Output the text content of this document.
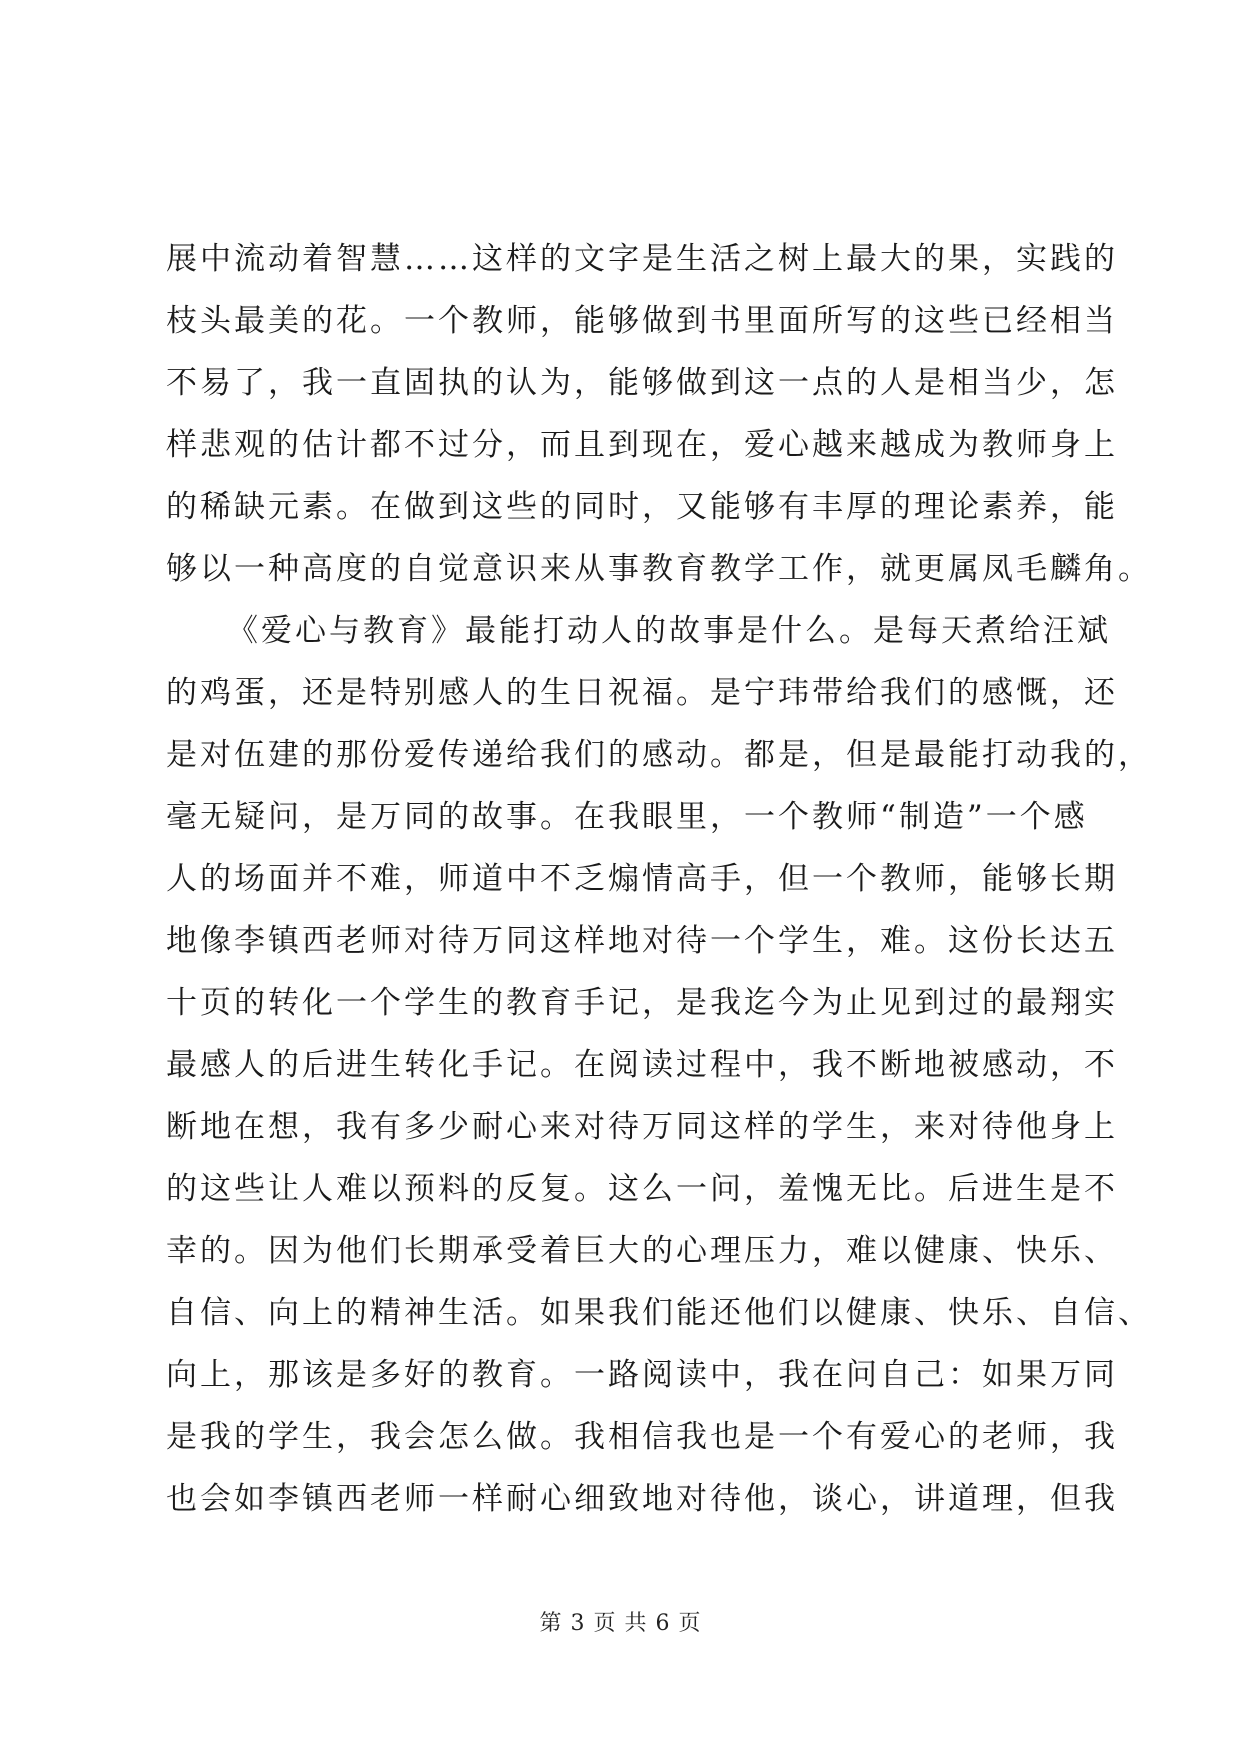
展中流动着智慧……这样的文字是生活之树上最大的果，实践的
枝头最美的花。一个教师，能够做到书里面所写的这些已经相当
不易了，我一直固执的认为，能够做到这一点的人是相当少，怎
样悲观的估计都不过分，而且到现在，爱心越来越成为教师身上
的稀缺元素。在做到这些的同时，又能够有丰厚的理论素养，能
够以一种高度的自觉意识来从事教育教学工作，就更属凤毛麟角。
《爱心与教育》最能打动人的故事是什么。是每天煮给汪斌
的鸡蛋，还是特别感人的生日祝福。是宁玮带给我们的感慨，还
是对伍建的那份爱传递给我们的感动。都是，但是最能打动我的，
毫无疑问，是万同的故事。在我眼里，一个教师“制造”一个感
人的场面并不难，师道中不乏煽情高手，但一个教师，能够长期
地像李镇西老师对待万同这样地对待一个学生，难。这份长达五
十页的转化一个学生的教育手记，是我迄今为止见到过的最翔实
最感人的后进生转化手记。在阅读过程中，我不断地被感动，不
断地在想，我有多少耐心来对待万同这样的学生，来对待他身上
的这些让人难以预料的反复。这么一问，羞愧无比。后进生是不
幸的。因为他们长期承受着巨大的心理压力，难以健康、快乐、
自信、向上的精神生活。如果我们能还他们以健康、快乐、自信、
向上，那该是多好的教育。一路阅读中，我在问自己：如果万同
是我的学生，我会怎么做。我相信我也是一个有爱心的老师，我
也会如李镇西老师一样耐心细致地对待他，谈心，讲道理，但我
第 3 页 共 6 页
